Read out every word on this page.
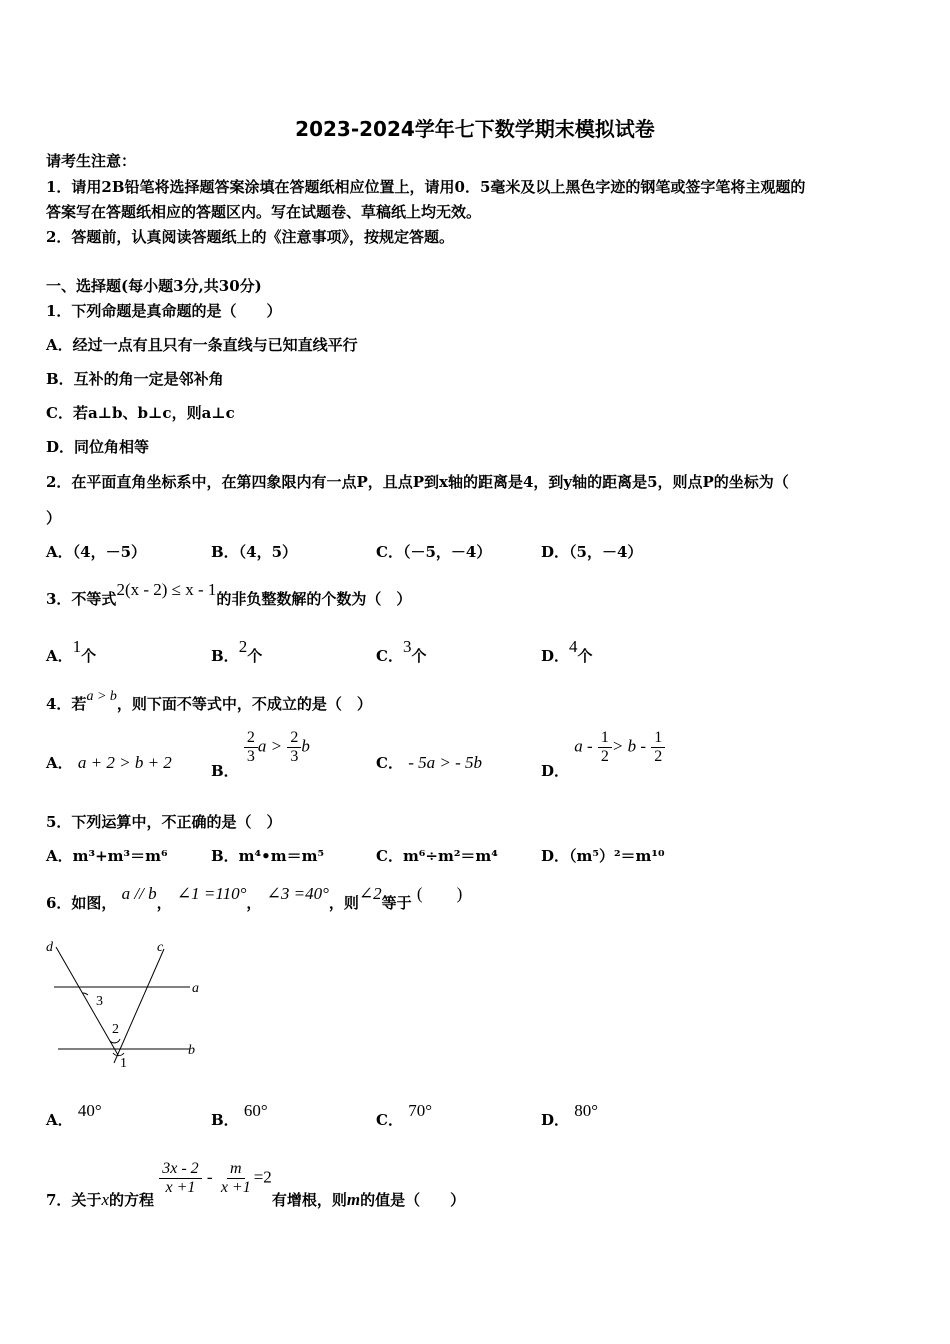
2023-2024学年七下数学期末模拟试卷
请考生注意：
1．请用2B铅笔将选择题答案涂填在答题纸相应位置上，请用0．5毫米及以上黑色字迹的钢笔或签字笔将主观题的
答案写在答题纸相应的答题区内。写在试题卷、草稿纸上均无效。
2．答题前，认真阅读答题纸上的《注意事项》，按规定答题。
一、选择题(每小题3分,共30分)
1．下列命题是真命题的是（　　）
A．经过一点有且只有一条直线与已知直线平行
B．互补的角一定是邻补角
C．若a⊥b、b⊥c，则a⊥c
D．同位角相等
2．在平面直角坐标系中，在第四象限内有一点P，且点P到x轴的距离是4，到y轴的距离是5，则点P的坐标为（
）
A．（4，－5）	B．（4，5）	C．（－5，－4）	D．（5，－4）
3．不等式2(x - 2) ≤ x - 1的非负整数解的个数为（　）
A．1个	B．2个	C．3个	D．4个
4．若a > b，则下面不等式中，不成立的是（　）
A． a + 2 > b + 2	B．
$\frac{2}{3}$ $a > \frac{2}{3}$ b
C． - 5a > - 5b	D． $a - \frac{1}{2} > b - \frac{1}{2}$
5．下列运算中，不正确的是（　）
A．m³+m³＝m⁶	B．m⁴•m＝m⁵	C．m⁶÷m²＝m⁴	D．（m⁵）²＝m¹⁰
6．如图， a // b， ∠1 =110°， ∠3 =40°，则∠2等于 (　　)
d	c
a
b
3
2
1
A． 40°	B． 60°	C． 70°	D． 80°
7．关于x的方程
$\frac{3x - 2}{x +1} - \frac{m}{x +1} =2$有增根，则m的值是（　　）
